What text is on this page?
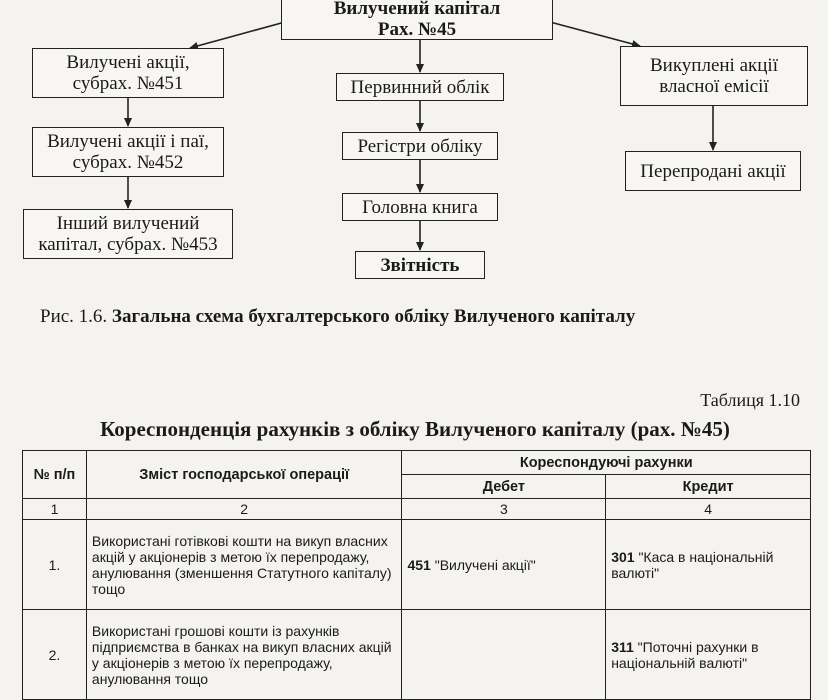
Вилучений капітал
Рах. №45
Вилучені акції,
субрах. №451
Вилучені акції і паї,
субрах. №452
Інший вилучений
капітал, субрах. №453
Первинний облік
Регістри обліку
Головна книга
Звітність
Викуплені акції
власної емісії
Перепродані акції
Рис. 1.6. Загальна схема бухгалтерського обліку Вилученого капіталу
Таблиця 1.10
Кореспонденція рахунків з обліку Вилученого капіталу (рах. №45)
№ п/п	Зміст господарської операції	Кореспондуючі рахунки	
		Дебет	Кредит
1	2	3	4
1.	Використані готівкові кошти на викуп власних акцій у акціонерів з метою їх перепродажу, анулювання (зменшення Статутного капіталу) тощо	451 "Вилучені акції"	301 "Каса в національній валюті"
2.	Використані грошові кошти із рахунків підприємства в банках на викуп власних акцій у акціонерів з метою їх перепродажу, анулювання тощо		311 "Поточні рахунки в національній валюті"
